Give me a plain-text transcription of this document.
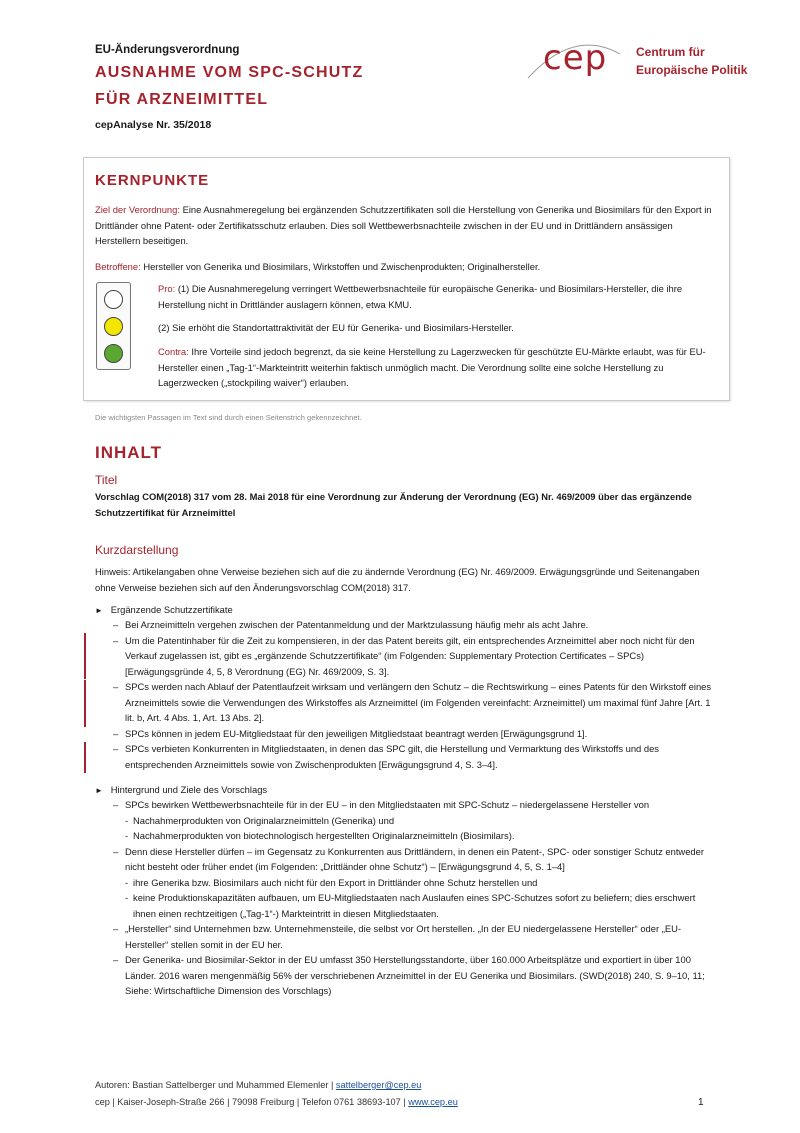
EU-Änderungsverordnung
AUSNAHME VOM SPC-SCHUTZ
FÜR ARZNEIMITTEL
cepAnalyse Nr. 35/2018
cep Centrum für
Europäische Politik
KERNPUNKTE
Ziel der Verordnung: Eine Ausnahmeregelung bei ergänzenden Schutzzertifikaten soll die Herstellung von Generika und Biosimilars für den Export in Drittländer ohne Patent- oder Zertifikatsschutz erlauben. Dies soll Wettbewerbsnachteile zwischen in der EU und in Drittländern ansässigen Herstellern beseitigen.
Betroffene: Hersteller von Generika und Biosimilars, Wirkstoffen und Zwischenprodukten; Originalhersteller.
Pro: (1) Die Ausnahmeregelung verringert Wettbewerbsnachteile für europäische Generika- und Biosimilars-Hersteller, die ihre Herstellung nicht in Drittländer auslagern können, etwa KMU.
(2) Sie erhöht die Standortattraktivität der EU für Generika- und Biosimilars-Hersteller.
Contra: Ihre Vorteile sind jedoch begrenzt, da sie keine Herstellung zu Lagerzwecken für geschützte EU-Märkte erlaubt, was für EU-Hersteller einen „Tag-1“-Markteintritt weiterhin faktisch unmöglich macht. Die Verordnung sollte eine solche Herstellung zu Lagerzwecken („stockpiling waiver“) erlauben.
Die wichtigsten Passagen im Text sind durch einen Seitenstrich gekennzeichnet.
INHALT
Titel
Vorschlag COM(2018) 317 vom 28. Mai 2018 für eine Verordnung zur Änderung der Verordnung (EG) Nr. 469/2009 über das ergänzende Schutzzertifikat für Arzneimittel
Kurzdarstellung
Hinweis: Artikelangaben ohne Verweise beziehen sich auf die zu ändernde Verordnung (EG) Nr. 469/2009. Erwägungsgründe und Seitenangaben ohne Verweise beziehen sich auf den Änderungsvorschlag COM(2018) 317.
► Ergänzende Schutzzertifikate
– Bei Arzneimitteln vergehen zwischen der Patentanmeldung und der Marktzulassung häufig mehr als acht Jahre.
– Um die Patentinhaber für die Zeit zu kompensieren, in der das Patent bereits gilt, ein entsprechendes Arzneimittel aber noch nicht für den Verkauf zugelassen ist, gibt es „ergänzende Schutzzertifikate“ (im Folgenden: Supplementary Protection Certificates – SPCs) [Erwägungsgründe 4, 5, 8 Verordnung (EG) Nr. 469/2009, S. 3].
– SPCs werden nach Ablauf der Patentlaufzeit wirksam und verlängern den Schutz – die Rechtswirkung – eines Patents für den Wirkstoff eines Arzneimittels sowie die Verwendungen des Wirkstoffes als Arzneimittel (im Folgenden vereinfacht: Arzneimittel) um maximal fünf Jahre [Art. 1 lit. b, Art. 4 Abs. 1, Art. 13 Abs. 2].
– SPCs können in jedem EU-Mitgliedstaat für den jeweiligen Mitgliedstaat beantragt werden [Erwägungsgrund 1].
– SPCs verbieten Konkurrenten in Mitgliedstaaten, in denen das SPC gilt, die Herstellung und Vermarktung des Wirkstoffs und des entsprechenden Arzneimittels sowie von Zwischenprodukten [Erwägungsgrund 4, S. 3–4].
► Hintergrund und Ziele des Vorschlags
– SPCs bewirken Wettbewerbsnachteile für in der EU – in den Mitgliedstaaten mit SPC-Schutz – niedergelassene Hersteller von
- Nachahmerprodukten von Originalarzneimitteln (Generika) und
- Nachahmerprodukten von biotechnologisch hergestellten Originalarzneimitteln (Biosimilars).
– Denn diese Hersteller dürfen – im Gegensatz zu Konkurrenten aus Drittländern, in denen ein Patent-, SPC- oder sonstiger Schutz entweder nicht besteht oder früher endet (im Folgenden: „Drittländer ohne Schutz“) – [Erwägungsgrund 4, 5, S. 1–4]
- ihre Generika bzw. Biosimilars auch nicht für den Export in Drittländer ohne Schutz herstellen und
- keine Produktionskapazitäten aufbauen, um EU-Mitgliedstaaten nach Auslaufen eines SPC-Schutzes sofort zu beliefern; dies erschwert ihnen einen rechtzeitigen („Tag-1“-) Markteintritt in diesen Mitgliedstaaten.
– „Hersteller“ sind Unternehmen bzw. Unternehmensteile, die selbst vor Ort herstellen. „In der EU niedergelassene Hersteller“ oder „EU-Hersteller“ stellen somit in der EU her.
– Der Generika- und Biosimilar-Sektor in der EU umfasst 350 Herstellungsstandorte, über 160.000 Arbeitsplätze und exportiert in über 100 Länder. 2016 waren mengenmäßig 56% der verschriebenen Arzneimittel in der EU Generika und Biosimilars. (SWD(2018) 240, S. 9–10, 11; Siehe: Wirtschaftliche Dimension des Vorschlags)
Autoren: Bastian Sattelberger und Muhammed Elemenler | sattelberger@cep.eu
cep | Kaiser-Joseph-Straße 266 | 79098 Freiburg | Telefon 0761 38693-107 | www.cep.eu	1
